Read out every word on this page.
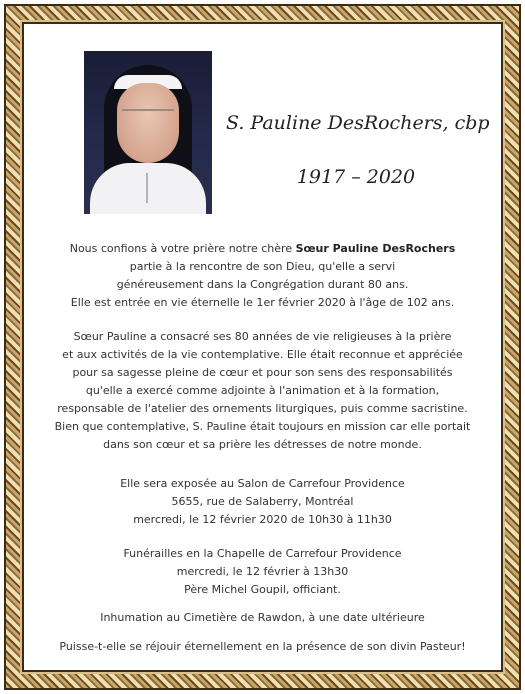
S. Pauline DesRochers, cbp
1917 – 2020
Nous confions à votre prière notre chère Sœur Pauline DesRochers
partie à la rencontre de son Dieu, qu'elle a servi
généreusement dans la Congrégation durant 80 ans.
Elle est entrée en vie éternelle le 1er février 2020 à l'âge de 102 ans.
Sœur Pauline a consacré ses 80 années de vie religieuses à la prière
et aux activités de la vie contemplative. Elle était reconnue et appréciée
pour sa sagesse pleine de cœur et pour son sens des responsabilités
qu'elle a exercé comme adjointe à l'animation et à la formation,
responsable de l'atelier des ornements liturgiques, puis comme sacristine.
Bien que contemplative, S. Pauline était toujours en mission car elle portait
dans son cœur et sa prière les détresses de notre monde.
Elle sera exposée au Salon de Carrefour Providence
5655, rue de Salaberry, Montréal
mercredi, le 12 février 2020 de 10h30 à 11h30
Funérailles en la Chapelle de Carrefour Providence
mercredi, le 12 février à 13h30
Père Michel Goupil, officiant.
Inhumation au Cimetière de Rawdon, à une date ultérieure
Puisse-t-elle se réjouir éternellement en la présence de son divin Pasteur!
